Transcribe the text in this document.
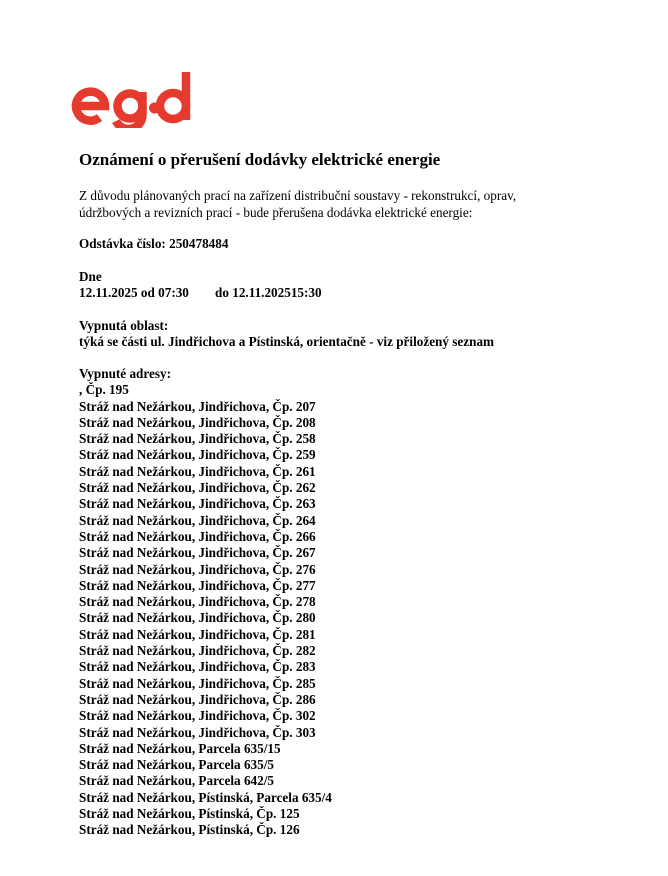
Oznámení o přerušení dodávky elektrické energie
Z důvodu plánovaných prací na zařízení distribuční soustavy - rekonstrukcí, oprav,
údržbových a revizních prací - bude přerušena dodávka elektrické energie:
Odstávka číslo: 250478484
Dne
12.11.2025 od 07:30 do 12.11.202515:30
Vypnutá oblast:
týká se části ul. Jindřichova a Pístinská, orientačně - viz přiložený seznam
Vypnuté adresy:
, Čp. 195
Stráž nad Nežárkou, Jindřichova, Čp. 207
Stráž nad Nežárkou, Jindřichova, Čp. 208
Stráž nad Nežárkou, Jindřichova, Čp. 258
Stráž nad Nežárkou, Jindřichova, Čp. 259
Stráž nad Nežárkou, Jindřichova, Čp. 261
Stráž nad Nežárkou, Jindřichova, Čp. 262
Stráž nad Nežárkou, Jindřichova, Čp. 263
Stráž nad Nežárkou, Jindřichova, Čp. 264
Stráž nad Nežárkou, Jindřichova, Čp. 266
Stráž nad Nežárkou, Jindřichova, Čp. 267
Stráž nad Nežárkou, Jindřichova, Čp. 276
Stráž nad Nežárkou, Jindřichova, Čp. 277
Stráž nad Nežárkou, Jindřichova, Čp. 278
Stráž nad Nežárkou, Jindřichova, Čp. 280
Stráž nad Nežárkou, Jindřichova, Čp. 281
Stráž nad Nežárkou, Jindřichova, Čp. 282
Stráž nad Nežárkou, Jindřichova, Čp. 283
Stráž nad Nežárkou, Jindřichova, Čp. 285
Stráž nad Nežárkou, Jindřichova, Čp. 286
Stráž nad Nežárkou, Jindřichova, Čp. 302
Stráž nad Nežárkou, Jindřichova, Čp. 303
Stráž nad Nežárkou, Parcela 635/15
Stráž nad Nežárkou, Parcela 635/5
Stráž nad Nežárkou, Parcela 642/5
Stráž nad Nežárkou, Pístinská, Parcela 635/4
Stráž nad Nežárkou, Pístinská, Čp. 125
Stráž nad Nežárkou, Pístinská, Čp. 126
